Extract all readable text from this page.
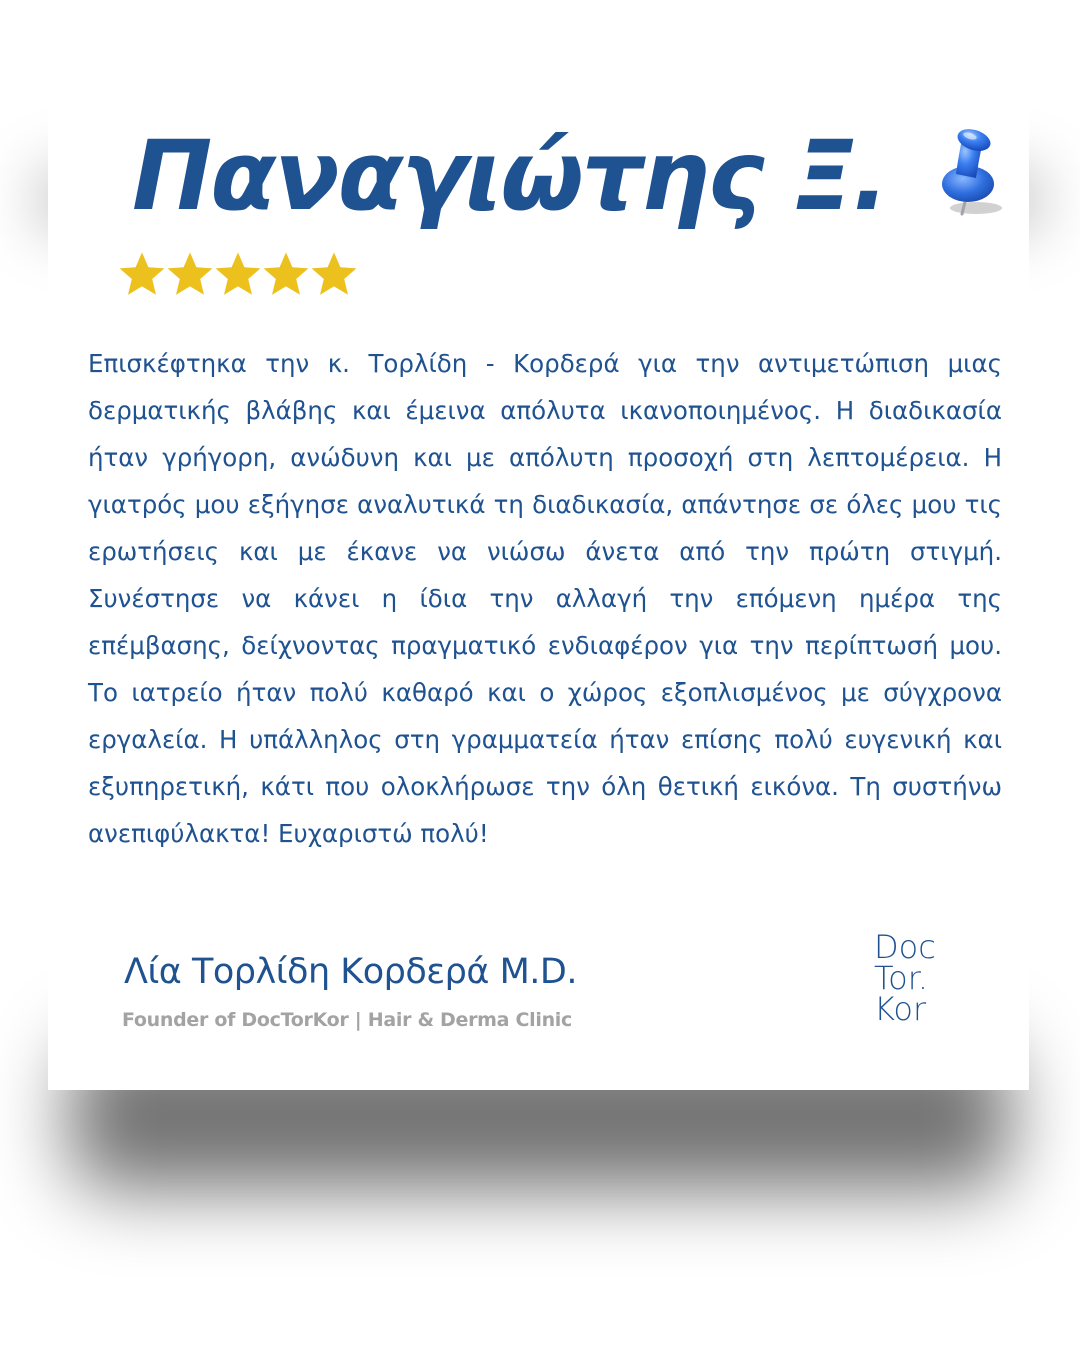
Παναγιώτης Ξ.

Επισκέφτηκα την κ. Τορλίδη - Κορδερά για την αντιμετώπιση μιας δερματικής βλάβης και έμεινα απόλυτα ικανοποιημένος. Η διαδικασία ήταν γρήγορη, ανώδυνη και με απόλυτη προσοχή στη λεπτομέρεια. Η γιατρός μου εξήγησε αναλυτικά τη διαδικασία, απάντησε σε όλες μου τις ερωτήσεις και με έκανε να νιώσω άνετα από την πρώτη στιγμή. Συνέστησε να κάνει η ίδια την αλλαγή την επόμενη ημέρα της επέμβασης, δείχνοντας πραγματικό ενδιαφέρον για την περίπτωσή μου. Το ιατρείο ήταν πολύ καθαρό και ο χώρος εξοπλισμένος με σύγχρονα εργαλεία. Η υπάλληλος στη γραμματεία ήταν επίσης πολύ ευγενική και εξυπηρετική, κάτι που ολοκλήρωσε την όλη θετική εικόνα. Τη συστήνω ανεπιφύλακτα! Ευχαριστώ πολύ!

Λία Τορλίδη Κορδερά M.D.
Founder of DocTorKor | Hair & Derma Clinic
Doc
Tor.
Kor
